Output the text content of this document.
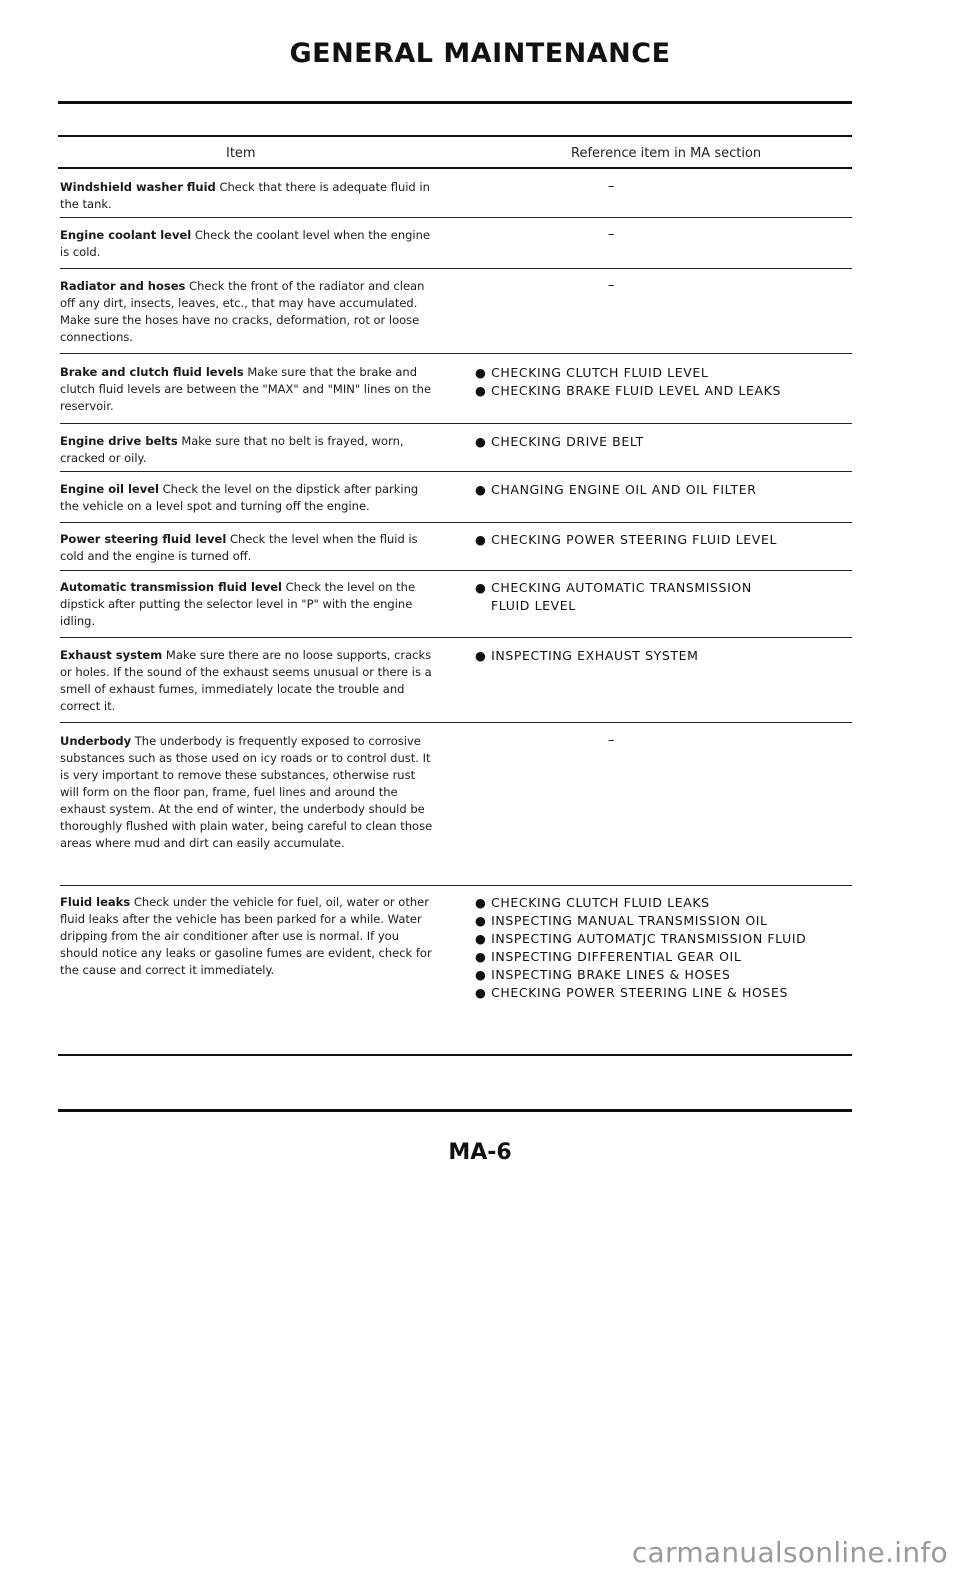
GENERAL MAINTENANCE
Item	Reference item in MA section
Windshield washer fluid Check that there is adequate fluid in the tank.
–
Engine coolant level Check the coolant level when the engine is cold.
–
Radiator and hoses Check the front of the radiator and clean off any dirt, insects, leaves, etc., that may have accumulated. Make sure the hoses have no cracks, deformation, rot or loose connections.
–
Brake and clutch fluid levels Make sure that the brake and clutch fluid levels are between the "MAX" and "MIN" lines on the reservoir.
● CHECKING CLUTCH FLUID LEVEL
● CHECKING BRAKE FLUID LEVEL AND LEAKS
Engine drive belts Make sure that no belt is frayed, worn, cracked or oily.
● CHECKING DRIVE BELT
Engine oil level Check the level on the dipstick after parking the vehicle on a level spot and turning off the engine.
● CHANGING ENGINE OIL AND OIL FILTER
Power steering fluid level Check the level when the fluid is cold and the engine is turned off.
● CHECKING POWER STEERING FLUID LEVEL
Automatic transmission fluid level Check the level on the dipstick after putting the selector level in "P" with the engine idling.
● CHECKING AUTOMATIC TRANSMISSION
FLUID LEVEL
Exhaust system Make sure there are no loose supports, cracks or holes. If the sound of the exhaust seems unusual or there is a smell of exhaust fumes, immediately locate the trouble and correct it.
● INSPECTING EXHAUST SYSTEM
Underbody The underbody is frequently exposed to corrosive substances such as those used on icy roads or to control dust. It is very important to remove these substances, otherwise rust will form on the floor pan, frame, fuel lines and around the exhaust system. At the end of winter, the underbody should be thoroughly flushed with plain water, being careful to clean those areas where mud and dirt can easily accumulate.
–
Fluid leaks Check under the vehicle for fuel, oil, water or other fluid leaks after the vehicle has been parked for a while. Water dripping from the air conditioner after use is normal. If you should notice any leaks or gasoline fumes are evident, check for the cause and correct it immediately.
● CHECKING CLUTCH FLUID LEAKS
● INSPECTING MANUAL TRANSMISSION OIL
● INSPECTING AUTOMATJC TRANSMISSION FLUID
● INSPECTING DIFFERENTIAL GEAR OIL
● INSPECTING BRAKE LINES & HOSES
● CHECKING POWER STEERING LINE & HOSES
MA-6
carmanualsonline.info
